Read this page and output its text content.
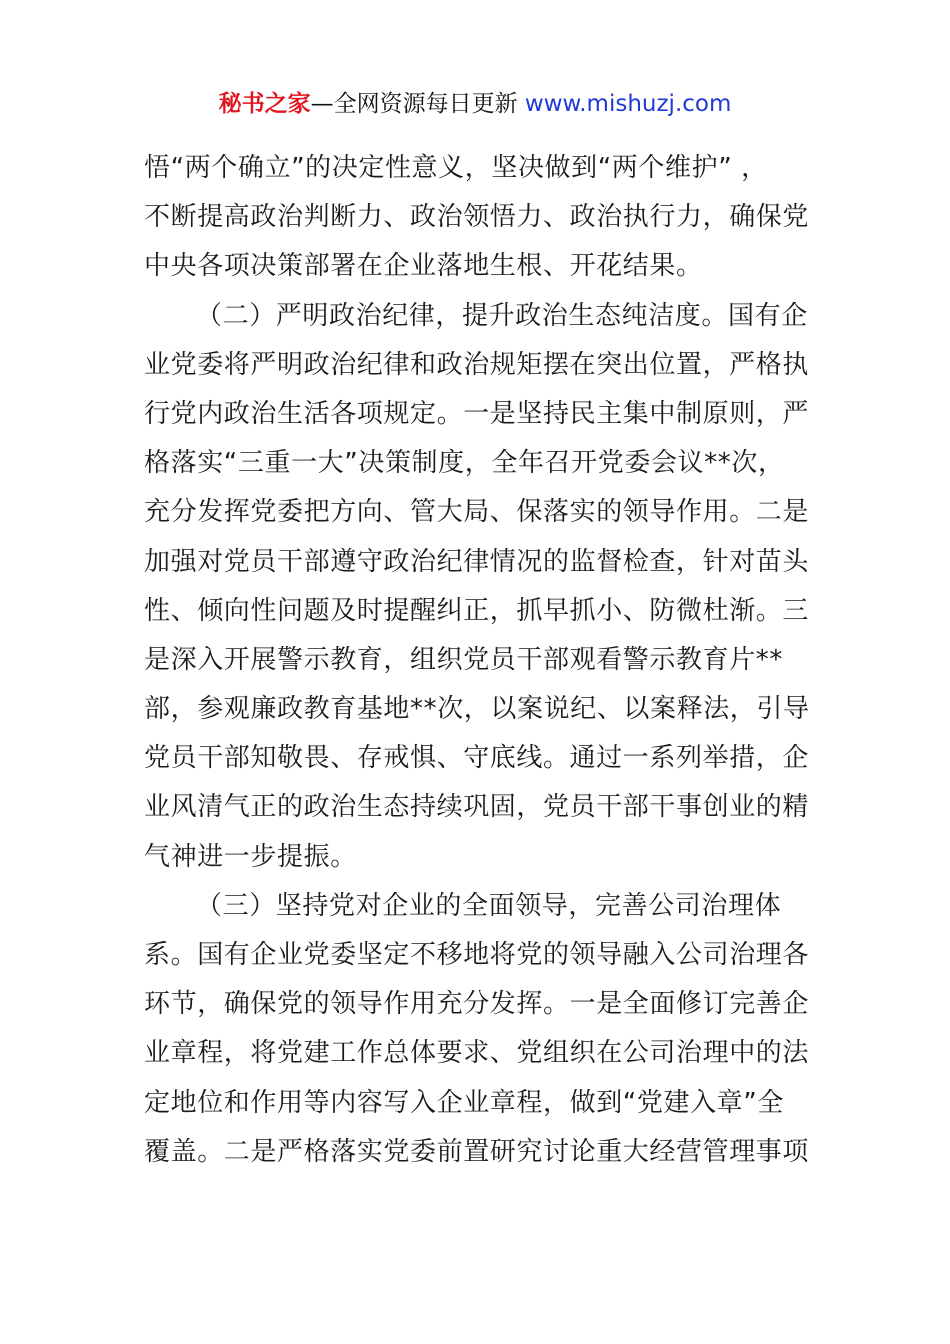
秘书之家—全网资源每日更新 www.mishuzj.com
悟“两个确立”的决定性意义，坚决做到“两个维护” ，
不断提高政治判断力、政治领悟力、政治执行力，确保党
中央各项决策部署在企业落地生根、开花结果。
（二）严明政治纪律，提升政治生态纯洁度。国有企
业党委将严明政治纪律和政治规矩摆在突出位置，严格执
行党内政治生活各项规定。一是坚持民主集中制原则，严
格落实“三重一大”决策制度，全年召开党委会议**次，
充分发挥党委把方向、管大局、保落实的领导作用。二是
加强对党员干部遵守政治纪律情况的监督检查，针对苗头
性、倾向性问题及时提醒纠正，抓早抓小、防微杜渐。三
是深入开展警示教育，组织党员干部观看警示教育片**
部，参观廉政教育基地**次，以案说纪、以案释法，引导
党员干部知敬畏、存戒惧、守底线。通过一系列举措，企
业风清气正的政治生态持续巩固，党员干部干事创业的精
气神进一步提振。
（三）坚持党对企业的全面领导，完善公司治理体
系。国有企业党委坚定不移地将党的领导融入公司治理各
环节，确保党的领导作用充分发挥。一是全面修订完善企
业章程，将党建工作总体要求、党组织在公司治理中的法
定地位和作用等内容写入企业章程，做到“党建入章”全
覆盖。二是严格落实党委前置研究讨论重大经营管理事项
